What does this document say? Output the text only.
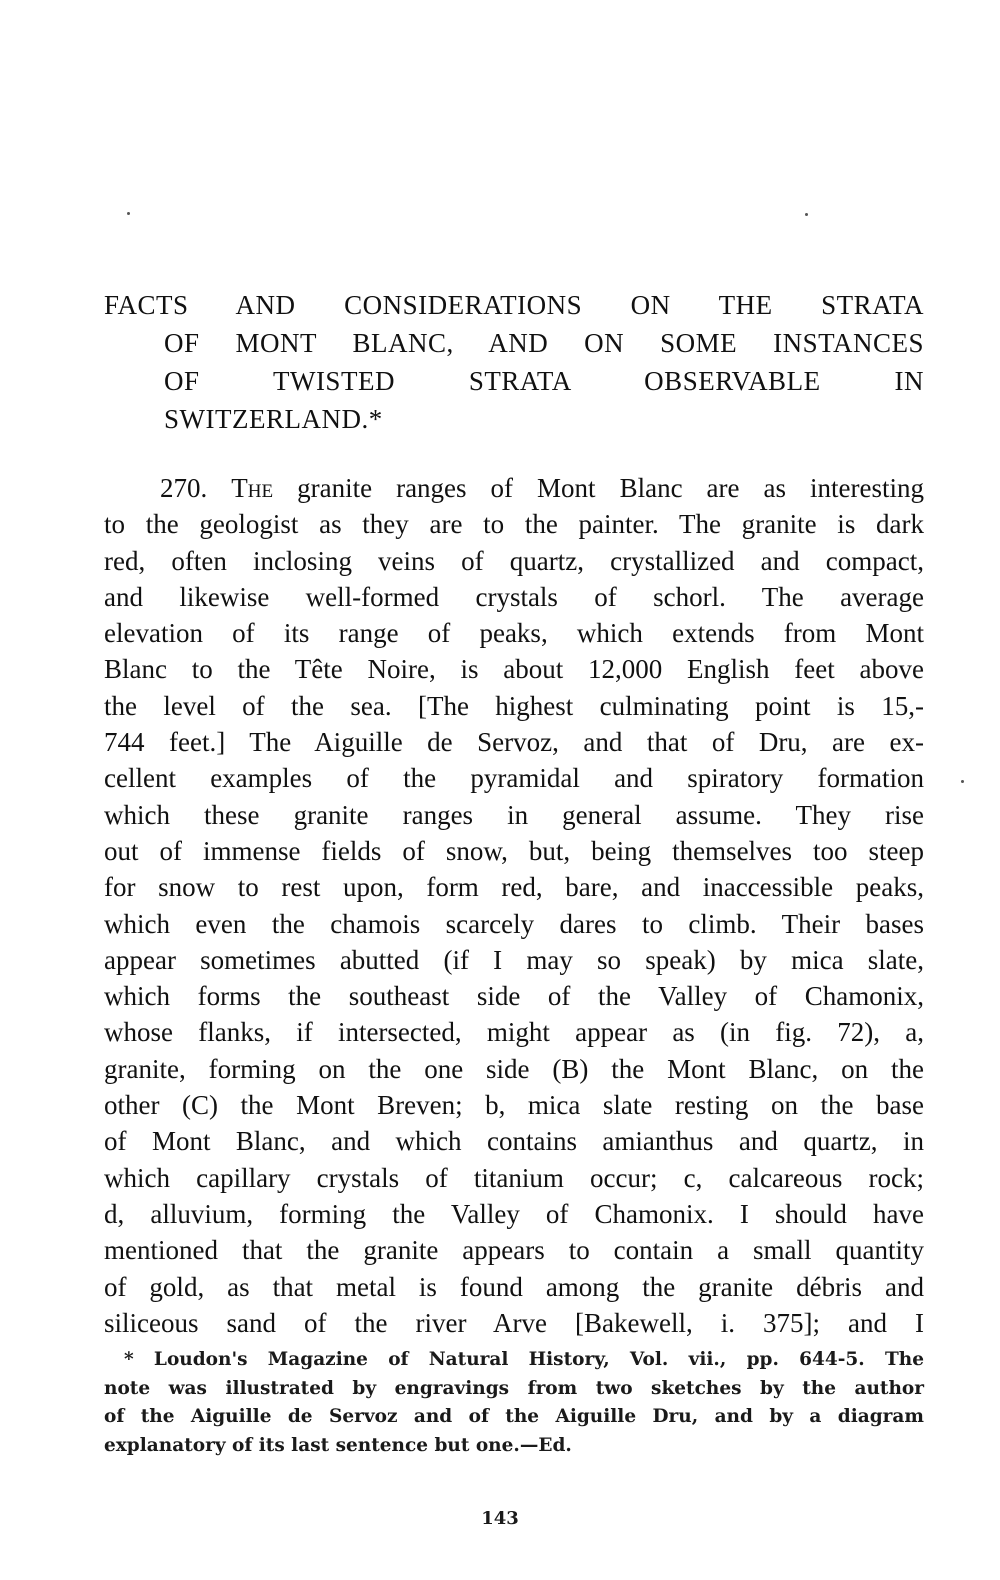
FACTS AND CONSIDERATIONS ON THE STRATA
OF MONT BLANC, AND ON SOME INSTANCES
OF TWISTED STRATA OBSERVABLE IN
SWITZERLAND.*
270. The granite ranges of Mont Blanc are as interesting
to the geologist as they are to the painter. The granite is dark
red, often inclosing veins of quartz, crystallized and compact,
and likewise well-formed crystals of schorl. The average
elevation of its range of peaks, which extends from Mont
Blanc to the Tête Noire, is about 12,000 English feet above
the level of the sea. [The highest culminating point is 15,-
744 feet.] The Aiguille de Servoz, and that of Dru, are ex-
cellent examples of the pyramidal and spiratory formation
which these granite ranges in general assume. They rise
out of immense fields of snow, but, being themselves too steep
for snow to rest upon, form red, bare, and inaccessible peaks,
which even the chamois scarcely dares to climb. Their bases
appear sometimes abutted (if I may so speak) by mica slate,
which forms the southeast side of the Valley of Chamonix,
whose flanks, if intersected, might appear as (in fig. 72), a,
granite, forming on the one side (B) the Mont Blanc, on the
other (C) the Mont Breven; b, mica slate resting on the base
of Mont Blanc, and which contains amianthus and quartz, in
which capillary crystals of titanium occur; c, calcareous rock;
d, alluvium, forming the Valley of Chamonix. I should have
mentioned that the granite appears to contain a small quantity
of gold, as that metal is found among the granite débris and
siliceous sand of the river Arve [Bakewell, i. 375]; and I
* Loudon's Magazine of Natural History, Vol. vii., pp. 644-5. The
note was illustrated by engravings from two sketches by the author
of the Aiguille de Servoz and of the Aiguille Dru, and by a diagram
explanatory of its last sentence but one.—Ed.
143
